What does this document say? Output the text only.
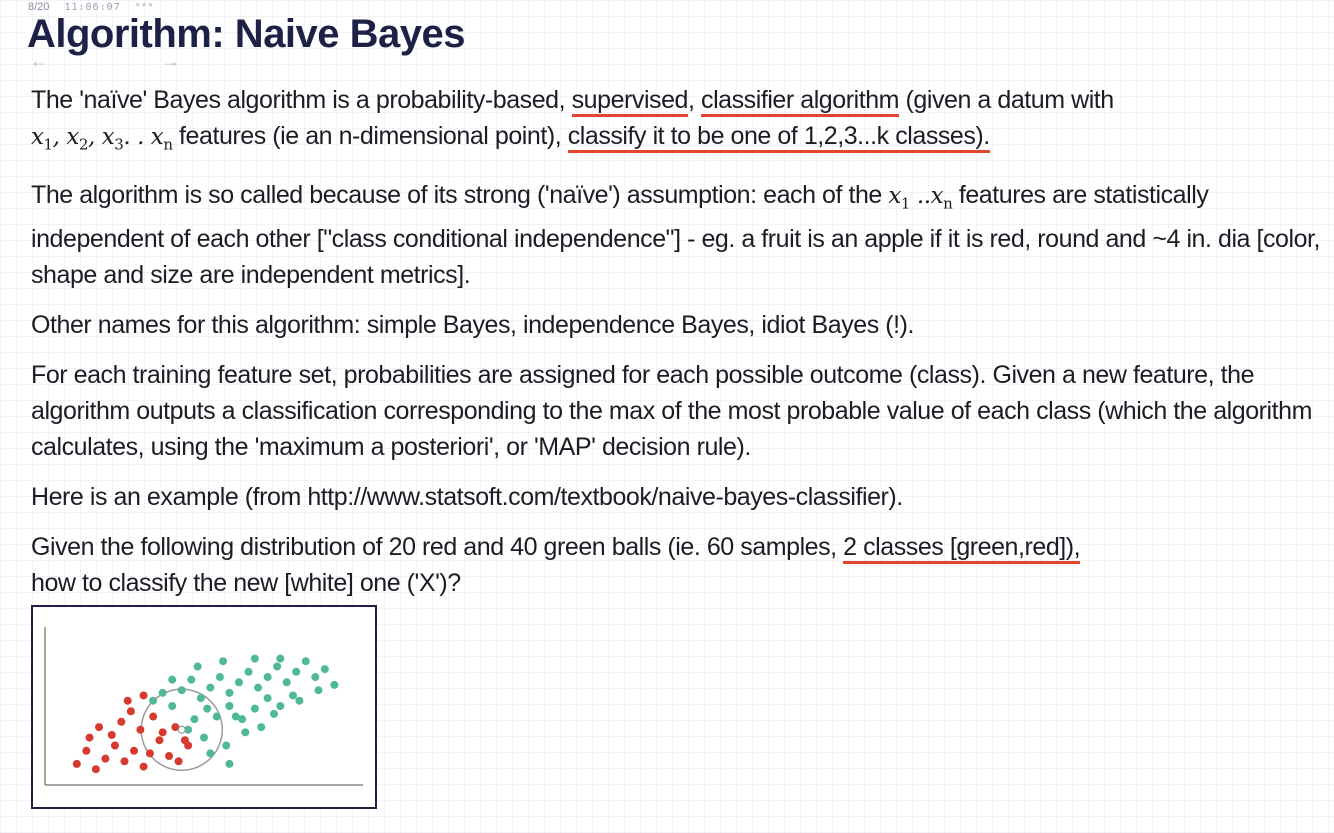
8/20 11:06:07 ***
Algorithm: Naive Bayes
←	→

The 'naïve' Bayes algorithm is a probability-based, supervised, classifier algorithm (given a datum with
$x_1$, $x_2$, $x_3$. . $x_n$ features (ie an n-dimensional point), classify it to be one of 1,2,3...k classes).

The algorithm is so called because of its strong ('naïve') assumption: each of the $x_1$ $..x_n$ features are statistically independent of each other ["class conditional independence"] - eg. a fruit is an apple if it is red, round and ~4 in. dia [color, shape and size are independent metrics].

Other names for this algorithm: simple Bayes, independence Bayes, idiot Bayes (!).

For each training feature set, probabilities are assigned for each possible outcome (class). Given a new feature, the algorithm outputs a classification corresponding to the max of the most probable value of each class (which the algorithm calculates, using the 'maximum a posteriori', or 'MAP' decision rule).

Here is an example (from http://www.statsoft.com/textbook/naive-bayes-classifier).

Given the following distribution of 20 red and 40 green balls (ie. 60 samples, 2 classes [green,red]),
how to classify the new [white] one ('X')?
